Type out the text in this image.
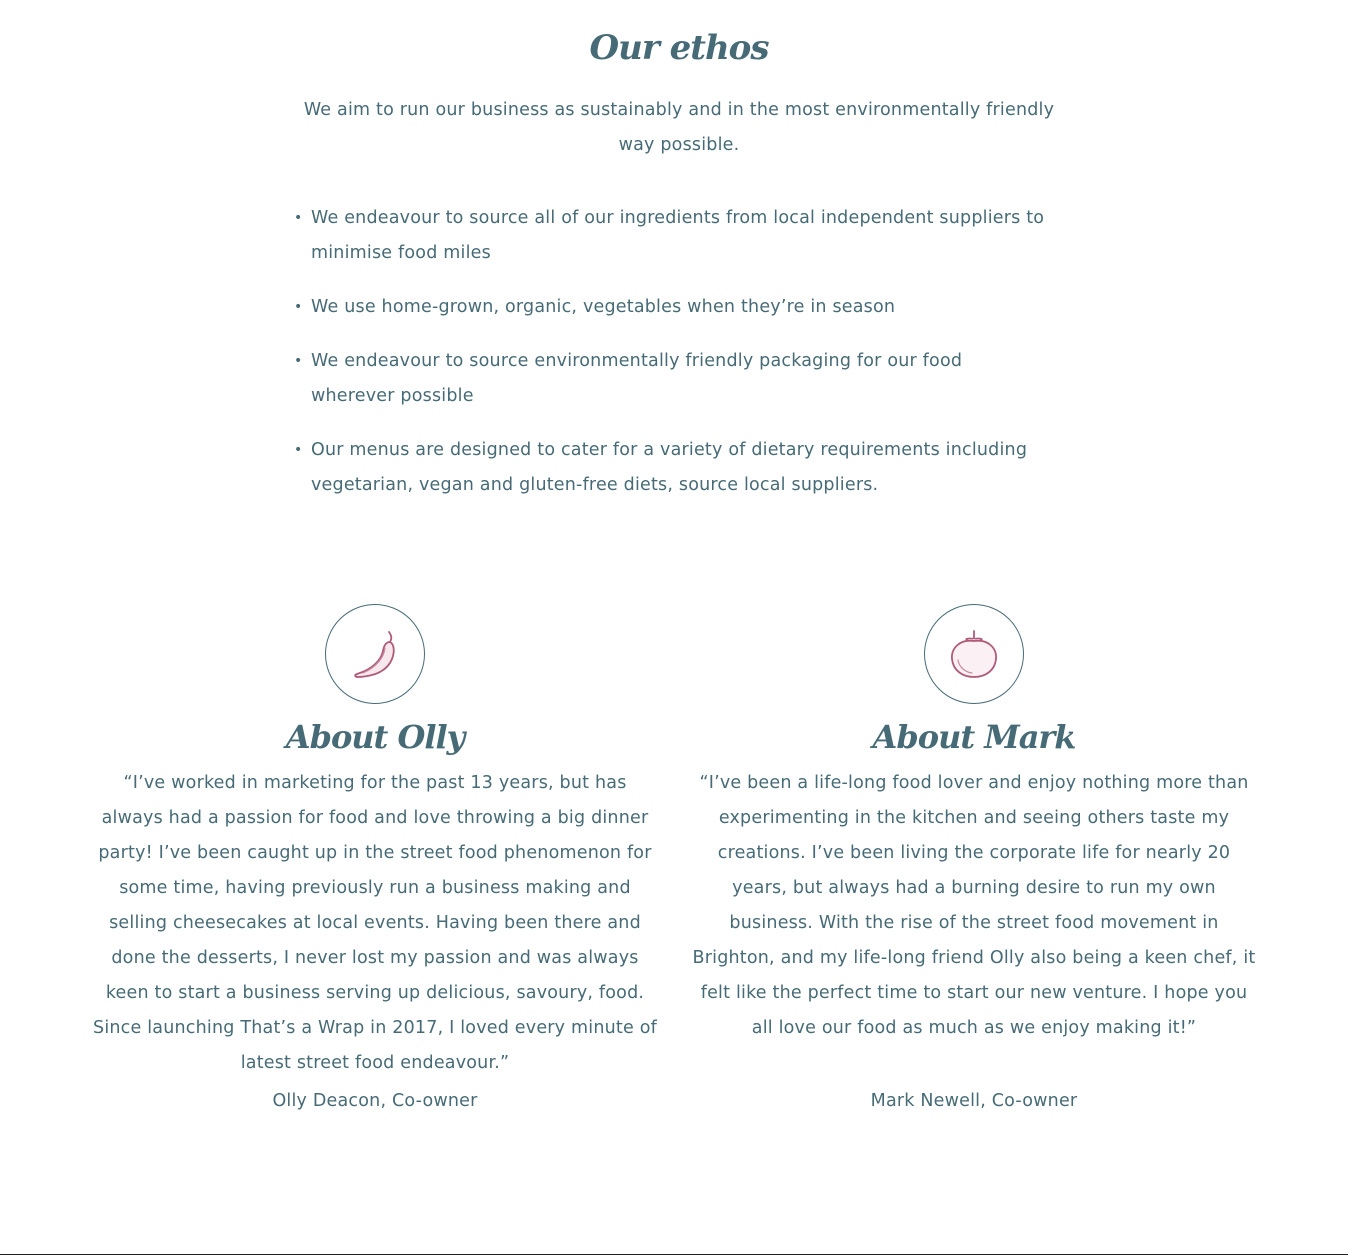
Our ethos

We aim to run our business as sustainably and in the most environmentally friendly way possible.

• We endeavour to source all of our ingredients from local independent suppliers to minimise food miles
• We use home-grown, organic, vegetables when they’re in season
• We endeavour to source environmentally friendly packaging for our food wherever possible
• Our menus are designed to cater for a variety of dietary requirements including vegetarian, vegan and gluten-free diets, source local suppliers.
About Olly

“I’ve worked in marketing for the past 13 years, but has always had a passion for food and love throwing a big dinner party! I’ve been caught up in the street food phenomenon for some time, having previously run a business making and selling cheesecakes at local events. Having been there and done the desserts, I never lost my passion and was always keen to start a business serving up delicious, savoury, food. Since launching That’s a Wrap in 2017, I loved every minute of latest street food endeavour.”

Olly Deacon, Co-owner

About Mark

“I’ve been a life-long food lover and enjoy nothing more than experimenting in the kitchen and seeing others taste my creations. I’ve been living the corporate life for nearly 20 years, but always had a burning desire to run my own business. With the rise of the street food movement in Brighton, and my life-long friend Olly also being a keen chef, it felt like the perfect time to start our new venture. I hope you all love our food as much as we enjoy making it!”

Mark Newell, Co-owner
